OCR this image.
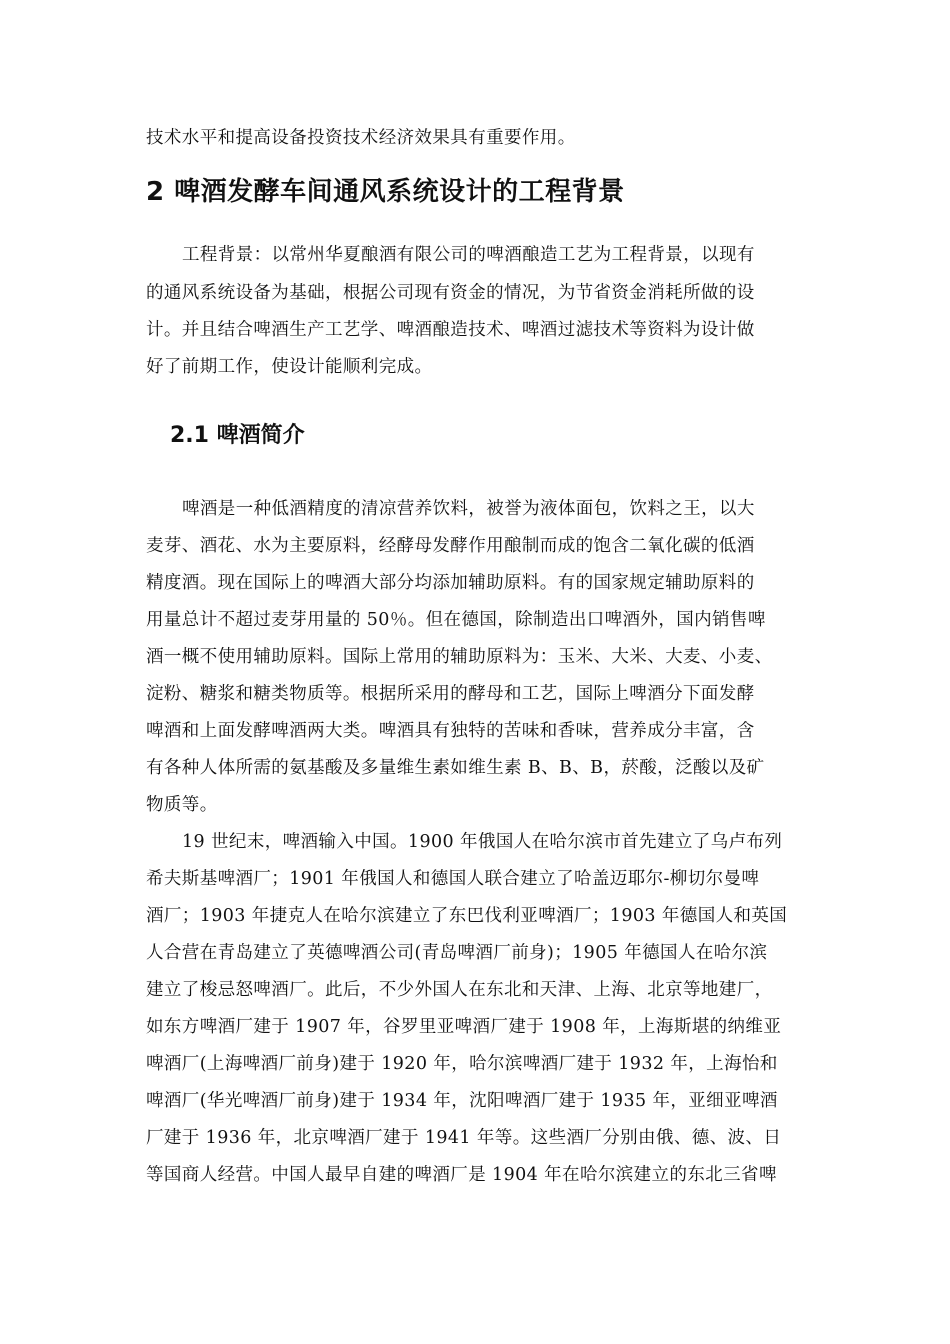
技术水平和提高设备投资技术经济效果具有重要作用。
2 啤酒发酵车间通风系统设计的工程背景
工程背景：以常州华夏酿酒有限公司的啤酒酿造工艺为工程背景，以现有
的通风系统设备为基础，根据公司现有资金的情况，为节省资金消耗所做的设
计。并且结合啤酒生产工艺学、啤酒酿造技术、啤酒过滤技术等资料为设计做
好了前期工作，使设计能顺利完成。
2.1 啤酒简介
啤酒是一种低酒精度的清凉营养饮料，被誉为液体面包，饮料之王，以大
麦芽、酒花、水为主要原料，经酵母发酵作用酿制而成的饱含二氧化碳的低酒
精度酒。现在国际上的啤酒大部分均添加辅助原料。有的国家规定辅助原料的
用量总计不超过麦芽用量的 50％。但在德国，除制造出口啤酒外，国内销售啤
酒一概不使用辅助原料。国际上常用的辅助原料为：玉米、大米、大麦、小麦、
淀粉、糖浆和糖类物质等。根据所采用的酵母和工艺，国际上啤酒分下面发酵
啤酒和上面发酵啤酒两大类。啤酒具有独特的苦味和香味，营养成分丰富，含
有各种人体所需的氨基酸及多量维生素如维生素 B、B、B，菸酸，泛酸以及矿
物质等。
19 世纪末，啤酒输入中国。1900 年俄国人在哈尔滨市首先建立了乌卢布列
希夫斯基啤酒厂；1901 年俄国人和德国人联合建立了哈盖迈耶尔-柳切尔曼啤
酒厂；1903 年捷克人在哈尔滨建立了东巴伐利亚啤酒厂；1903 年德国人和英国
人合营在青岛建立了英德啤酒公司(青岛啤酒厂前身)；1905 年德国人在哈尔滨
建立了梭忌怒啤酒厂。此后，不少外国人在东北和天津、上海、北京等地建厂，
如东方啤酒厂建于 1907 年，谷罗里亚啤酒厂建于 1908 年，上海斯堪的纳维亚
啤酒厂(上海啤酒厂前身)建于 1920 年，哈尔滨啤酒厂建于 1932 年，上海怡和
啤酒厂(华光啤酒厂前身)建于 1934 年，沈阳啤酒厂建于 1935 年，亚细亚啤酒
厂建于 1936 年，北京啤酒厂建于 1941 年等。这些酒厂分别由俄、德、波、日
等国商人经营。中国人最早自建的啤酒厂是 1904 年在哈尔滨建立的东北三省啤
